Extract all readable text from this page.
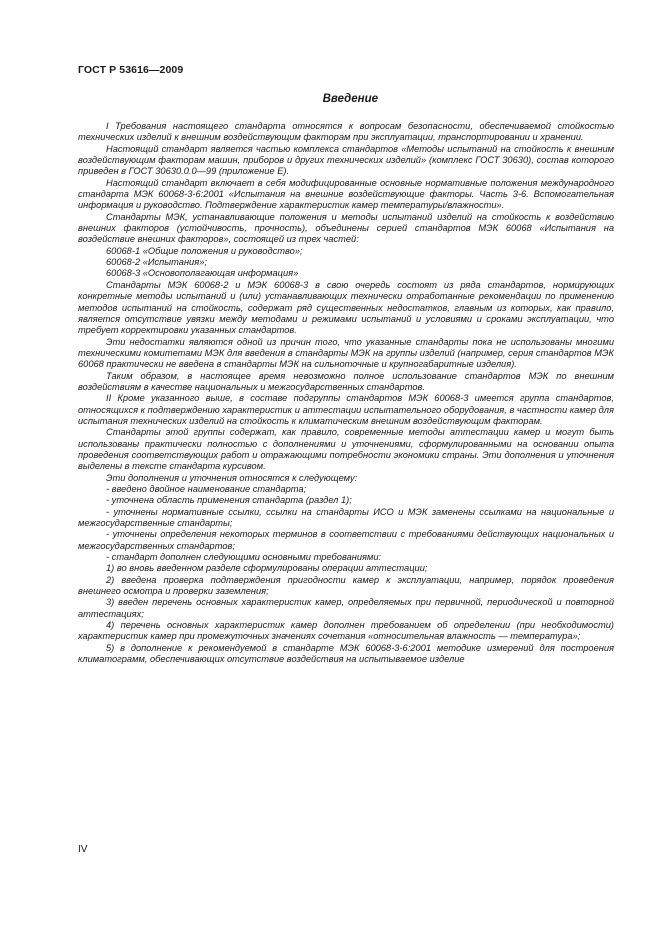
ГОСТ Р 53616—2009
Введение

I Требования настоящего стандарта относятся к вопросам безопасности, обеспечиваемой стойкостью технических изделий к внешним воздействующим факторам при эксплуатации, транспортировании и хранении.

Настоящий стандарт является частью комплекса стандартов «Методы испытаний на стойкость к внешним воздействующим факторам машин, приборов и других технических изделий» (комплекс ГОСТ 30630), состав которого приведен в ГОСТ 30630.0.0—99 (приложение Е).

Настоящий стандарт включает в себя модифицированные основные нормативные положения международного стандарта МЭК 60068-3-6:2001 «Испытания на внешние воздействующие факторы. Часть 3-6. Вспомогательная информация и руководство. Подтверждение характеристик камер температуры/влажности».

Стандарты МЭК, устанавливающие положения и методы испытаний изделий на стойкость к воздействию внешних факторов (устойчивость, прочность), объединены серией стандартов МЭК 60068 «Испытания на воздействие внешних факторов», состоящей из трех частей:

60068-1 «Общие положения и руководство»;

60068-2 «Испытания»;

60068-3 «Основополагающая информация»

Стандарты МЭК 60068-2 и МЭК 60068-3 в свою очередь состоят из ряда стандартов, нормирующих конкретные методы испытаний и (или) устанавливающих технически отработанные рекомендации по применению методов испытаний на стойкость, содержат ряд существенных недостатков, главным из которых, как правило, является отсутствие увязки между методами и режимами испытаний и условиями и сроками эксплуатации, что требует корректировки указанных стандартов.

Эти недостатки являются одной из причин того, что указанные стандарты пока не использованы многими техническими комитетами МЭК для введения в стандарты МЭК на группы изделий (например, серия стандартов МЭК 60068 практически не введена в стандарты МЭК на сильноточные и крупногабаритные изделия).

Таким образом, в настоящее время невозможно полное использование стандартов МЭК по внешним воздействиям в качестве национальных и межгосударственных стандартов.

II Кроме указанного выше, в составе подгруппы стандартов МЭК 60068-3 имеется группа стандартов, относящихся к подтверждению характеристик и аттестации испытательного оборудования, в частности камер для испытания технических изделий на стойкость к климатическим внешним воздействующим факторам.

Стандарты этой группы содержат, как правило, современные методы аттестации камер и могут быть использованы практически полностью с дополнениями и уточнениями, сформулированными на основании опыта проведения соответствующих работ и отражающими потребности экономики страны. Эти дополнения и уточнения выделены в тексте стандарта курсивом.

Эти дополнения и уточнения относятся к следующему:

- введено двойное наименование стандарта;

- уточнена область применения стандарта (раздел 1);

- уточнены нормативные ссылки, ссылки на стандарты ИСО и МЭК заменены ссылками на национальные и межгосударственные стандарты;

- уточнены определения некоторых терминов в соответствии с требованиями действующих национальных и межгосударственных стандартов;

- стандарт дополнен следующими основными требованиями:

1) во вновь введенном разделе сформулированы операции аттестации;

2) введена проверка подтверждения пригодности камер к эксплуатации, например, порядок проведения внешнего осмотра и проверки заземления;

3) введен перечень основных характеристик камер, определяемых при первичной, периодической и повторной аттестациях;

4) перечень основных характеристик камер дополнен требованием об определении (при необходимости) характеристик камер при промежуточных значениях сочетания «относительная влажность — температура»;

5) в дополнение к рекомендуемой в стандарте МЭК 60068-3-6:2001 методике измерений для построения климатограмм, обеспечивающих отсутствие воздействия на испытываемое изделие

IV
